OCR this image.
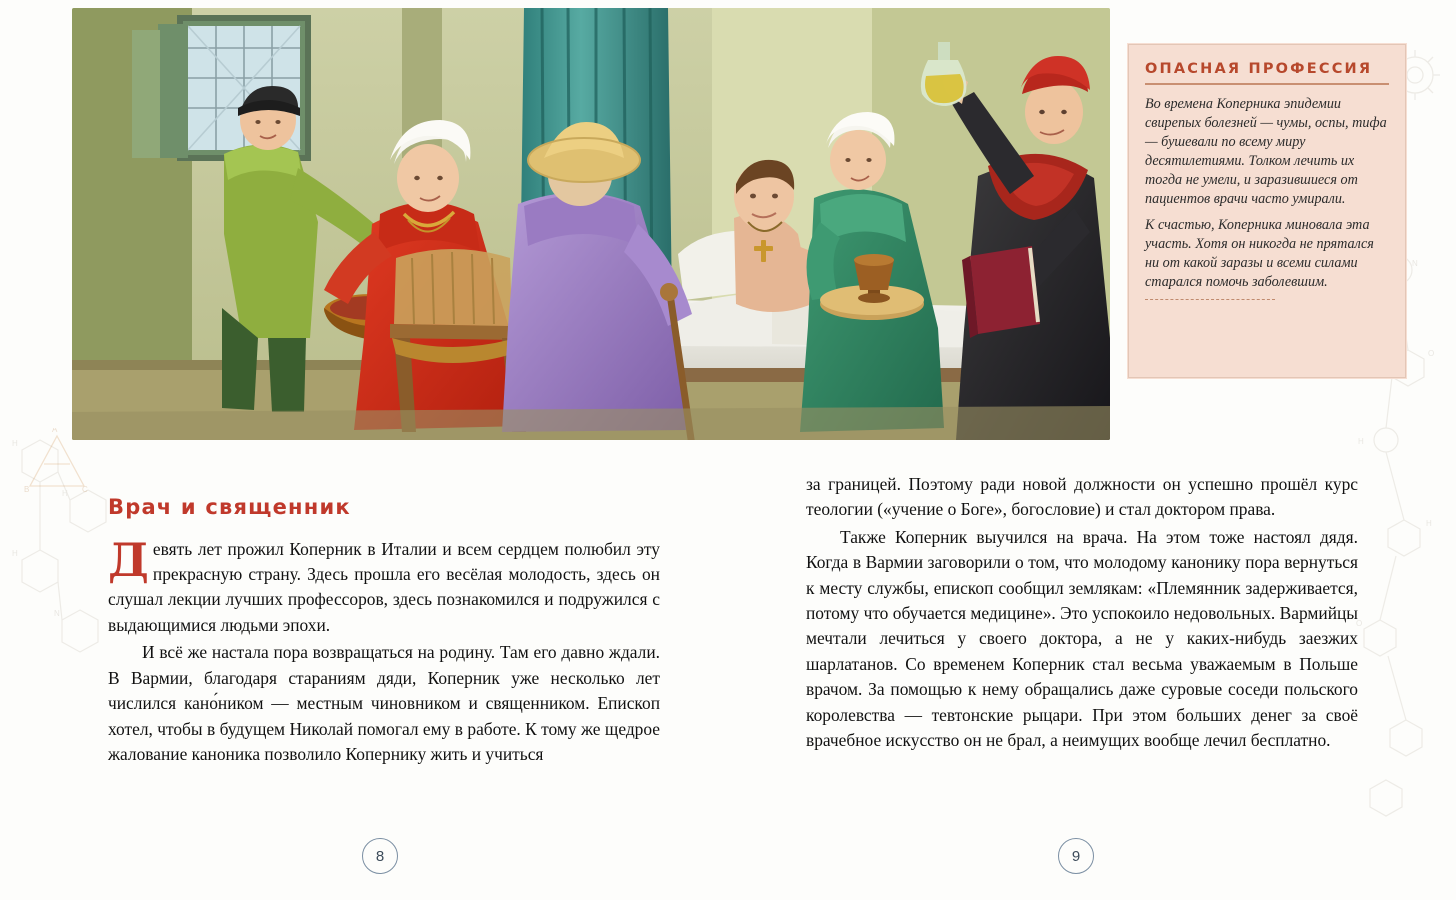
H
H
H
N
A
B	C
N
O
H
H
O
ОПАСНАЯ ПРОФЕССИЯ

Во времена Коперника эпидемии свирепых болезней — чумы, оспы, тифа — бушевали по всему миру десятилетиями. Толком лечить их тогда не умели, и заразившиеся от пациентов врачи часто умирали.

К счастью, Коперника миновала эта участь. Хотя он никогда не прятался ни от какой заразы и всеми силами старался помочь заболевшим.

Врач и священник

Девять лет прожил Коперник в Италии и всем сердцем полюбил эту прекрасную страну. Здесь прошла его весёлая молодость, здесь он слушал лекции лучших профессоров, здесь познакомился и подружился с выдающимися людьми эпохи.

И всё же настала пора возвращаться на родину. Там его давно ждали. В Вармии, благодаря стараниям дяди, Коперник уже несколько лет числился кано́ником — местным чиновником и священником. Епископ хотел, чтобы в будущем Николай помогал ему в работе. К тому же щедрое жалование каноника позволило Копернику жить и учиться

за границей. Поэтому ради новой должности он успешно прошёл курс теологии («учение о Боге», богословие) и стал доктором права.

Также Коперник выучился на врача. На этом тоже настоял дядя. Когда в Вармии заговорили о том, что молодому канонику пора вернуться к месту службы, епископ сообщил землякам: «Племянник задерживается, потому что обучается медицине». Это успокоило недовольных. Вармийцы мечтали лечиться у своего доктора, а не у каких-нибудь заезжих шарлатанов. Со временем Коперник стал весьма уважаемым в Польше врачом. За помощью к нему обращались даже суровые соседи польского королевства — тевтонские рыцари. При этом больших денег за своё врачебное искусство он не брал, а неимущих вообще лечил бесплатно.

8	9
